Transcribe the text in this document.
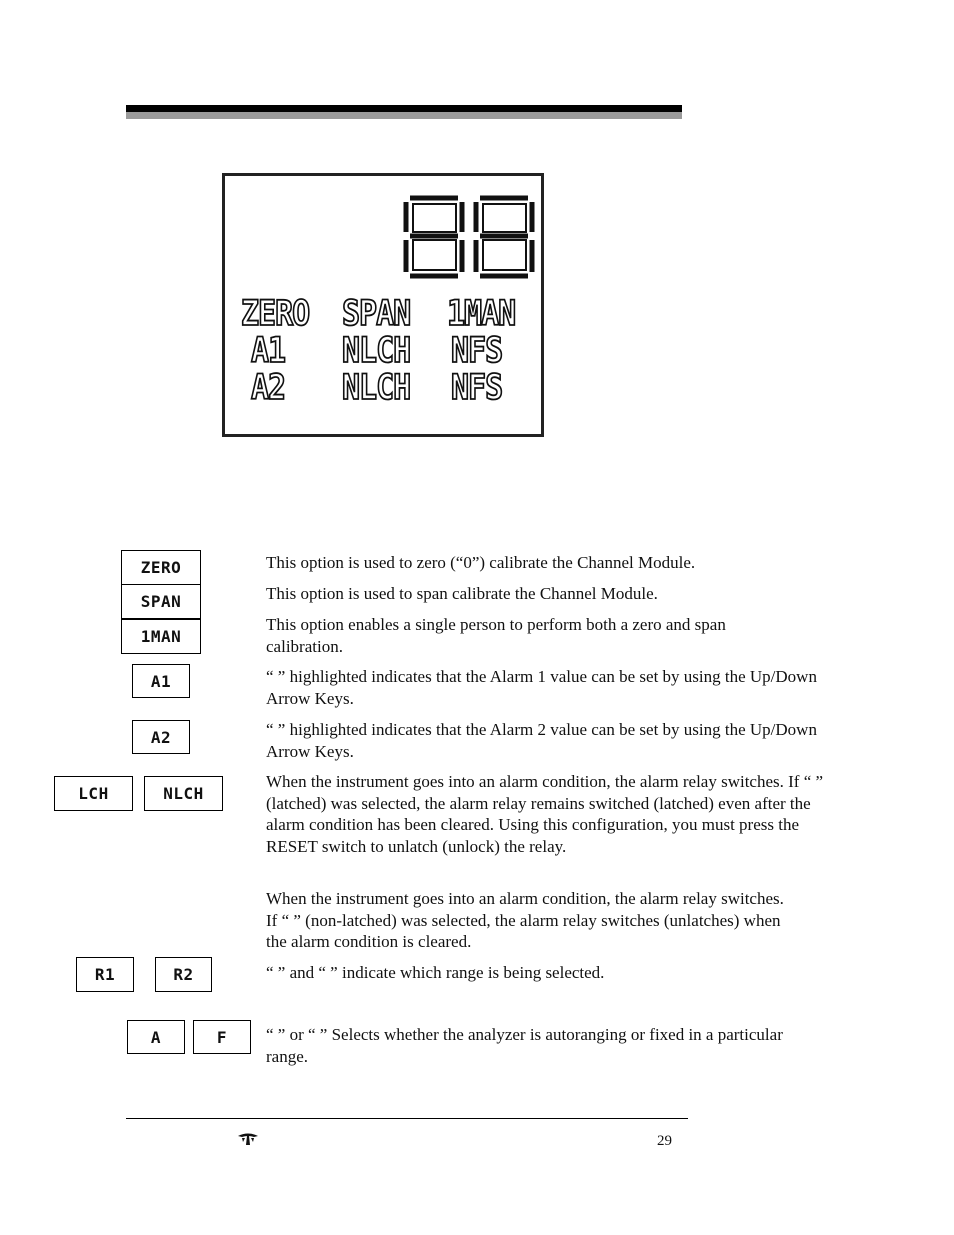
ZERO SPAN 1MAN
A1 NLCH NFS
A2 NLCH NFS
ZERO
SPAN
1MAN
A1
A2
LCH	NLCH
R1	R2
A	F
This option is used to zero (“0”) calibrate the Channel Module.
This option is used to span calibrate the Channel Module.
This option enables a single person to perform both a zero and span calibration.
“ ” highlighted indicates that the Alarm 1 value can be set by using the Up/Down Arrow Keys.
“ ” highlighted indicates that the Alarm 2 value can be set by using the Up/Down Arrow Keys.
When the instrument goes into an alarm condition, the alarm relay switches. If “ ” (latched) was selected, the alarm relay remains switched (latched) even after the alarm condition has been cleared. Using this configuration, you must press the RESET switch to unlatch (unlock) the relay.
When the instrument goes into an alarm condition, the alarm relay switches. If “ ” (non-latched) was selected, the alarm relay switches (unlatches) when the alarm condition is cleared.
“ ” and “ ” indicate which range is being selected.
“ ” or “ ” Selects whether the analyzer is autoranging or fixed in a particular range.
29
